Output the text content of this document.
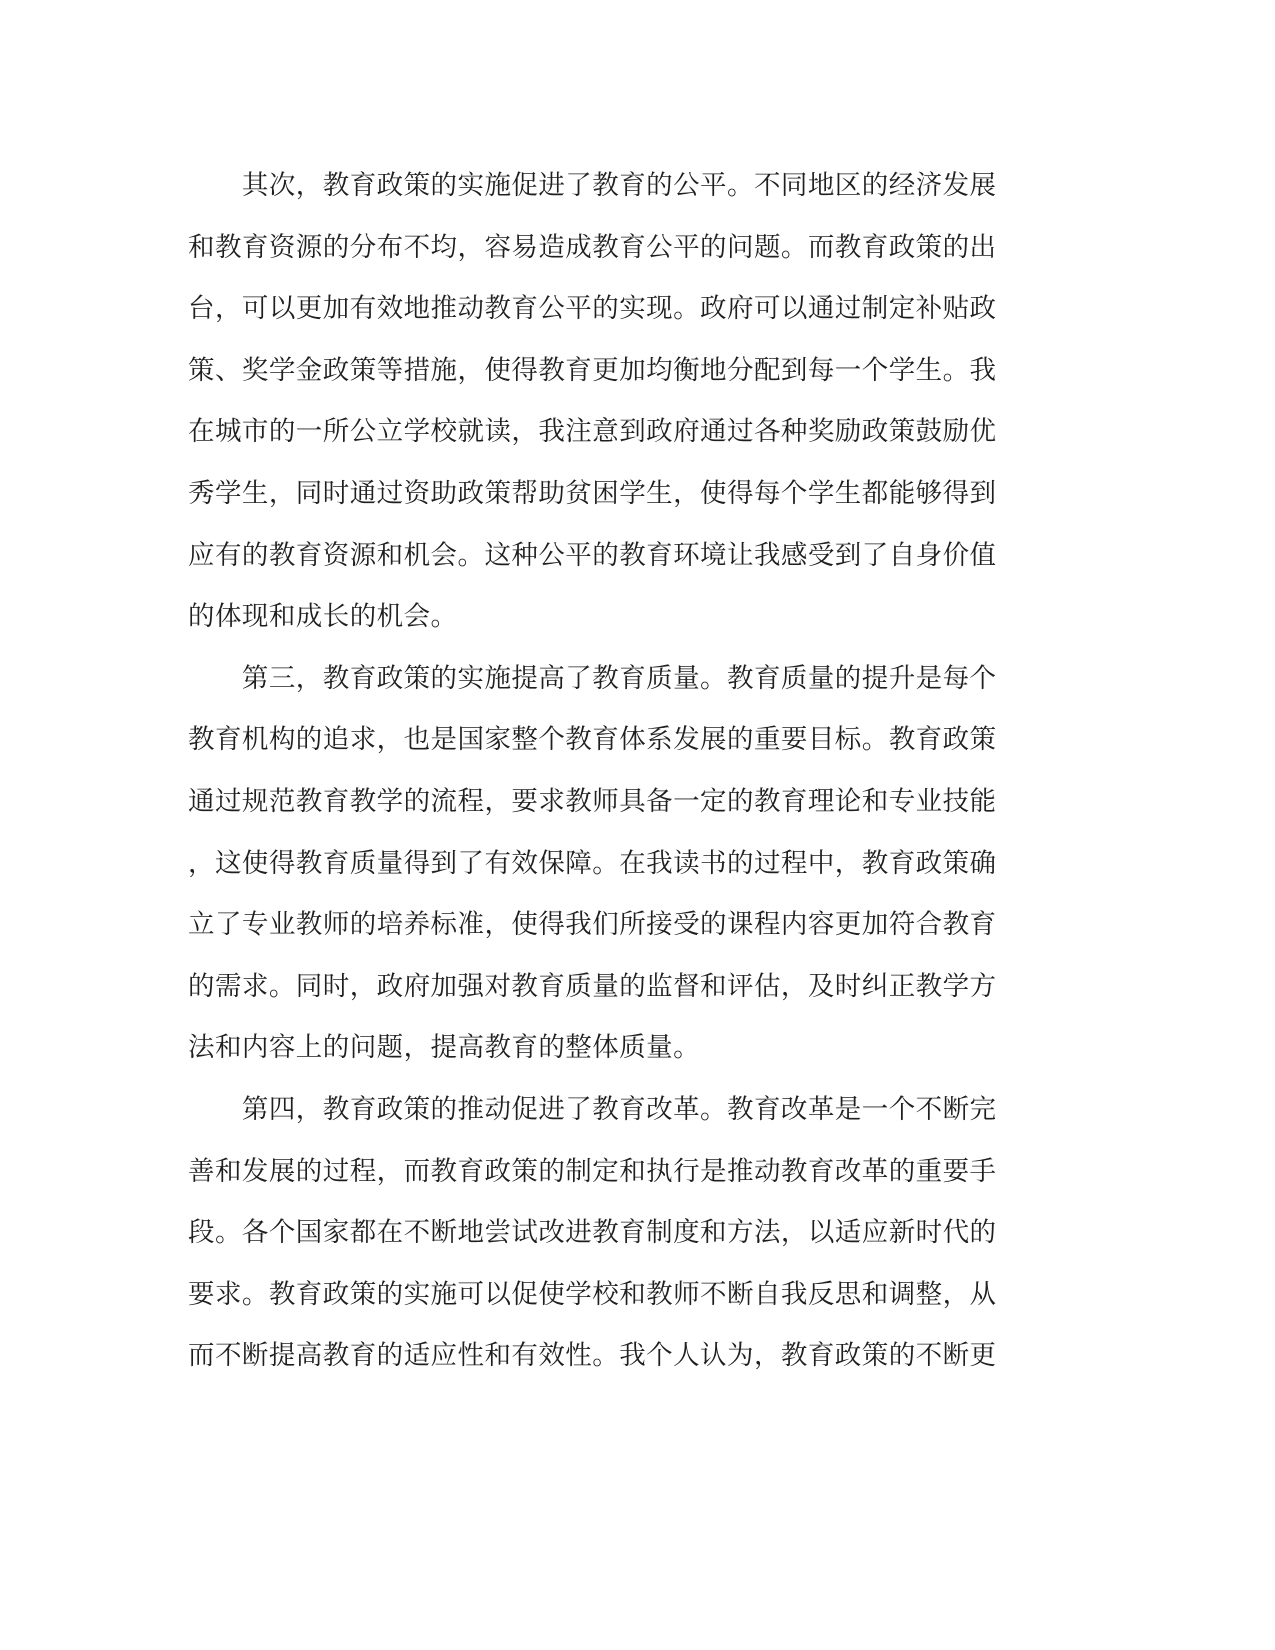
　　其次，教育政策的实施促进了教育的公平。不同地区的经济发展
和教育资源的分布不均，容易造成教育公平的问题。而教育政策的出
台，可以更加有效地推动教育公平的实现。政府可以通过制定补贴政
策、奖学金政策等措施，使得教育更加均衡地分配到每一个学生。我
在城市的一所公立学校就读，我注意到政府通过各种奖励政策鼓励优
秀学生，同时通过资助政策帮助贫困学生，使得每个学生都能够得到
应有的教育资源和机会。这种公平的教育环境让我感受到了自身价值
的体现和成长的机会。
　　第三，教育政策的实施提高了教育质量。教育质量的提升是每个
教育机构的追求，也是国家整个教育体系发展的重要目标。教育政策
通过规范教育教学的流程，要求教师具备一定的教育理论和专业技能
，这使得教育质量得到了有效保障。在我读书的过程中，教育政策确
立了专业教师的培养标准，使得我们所接受的课程内容更加符合教育
的需求。同时，政府加强对教育质量的监督和评估，及时纠正教学方
法和内容上的问题，提高教育的整体质量。
　　第四，教育政策的推动促进了教育改革。教育改革是一个不断完
善和发展的过程，而教育政策的制定和执行是推动教育改革的重要手
段。各个国家都在不断地尝试改进教育制度和方法，以适应新时代的
要求。教育政策的实施可以促使学校和教师不断自我反思和调整，从
而不断提高教育的适应性和有效性。我个人认为，教育政策的不断更
